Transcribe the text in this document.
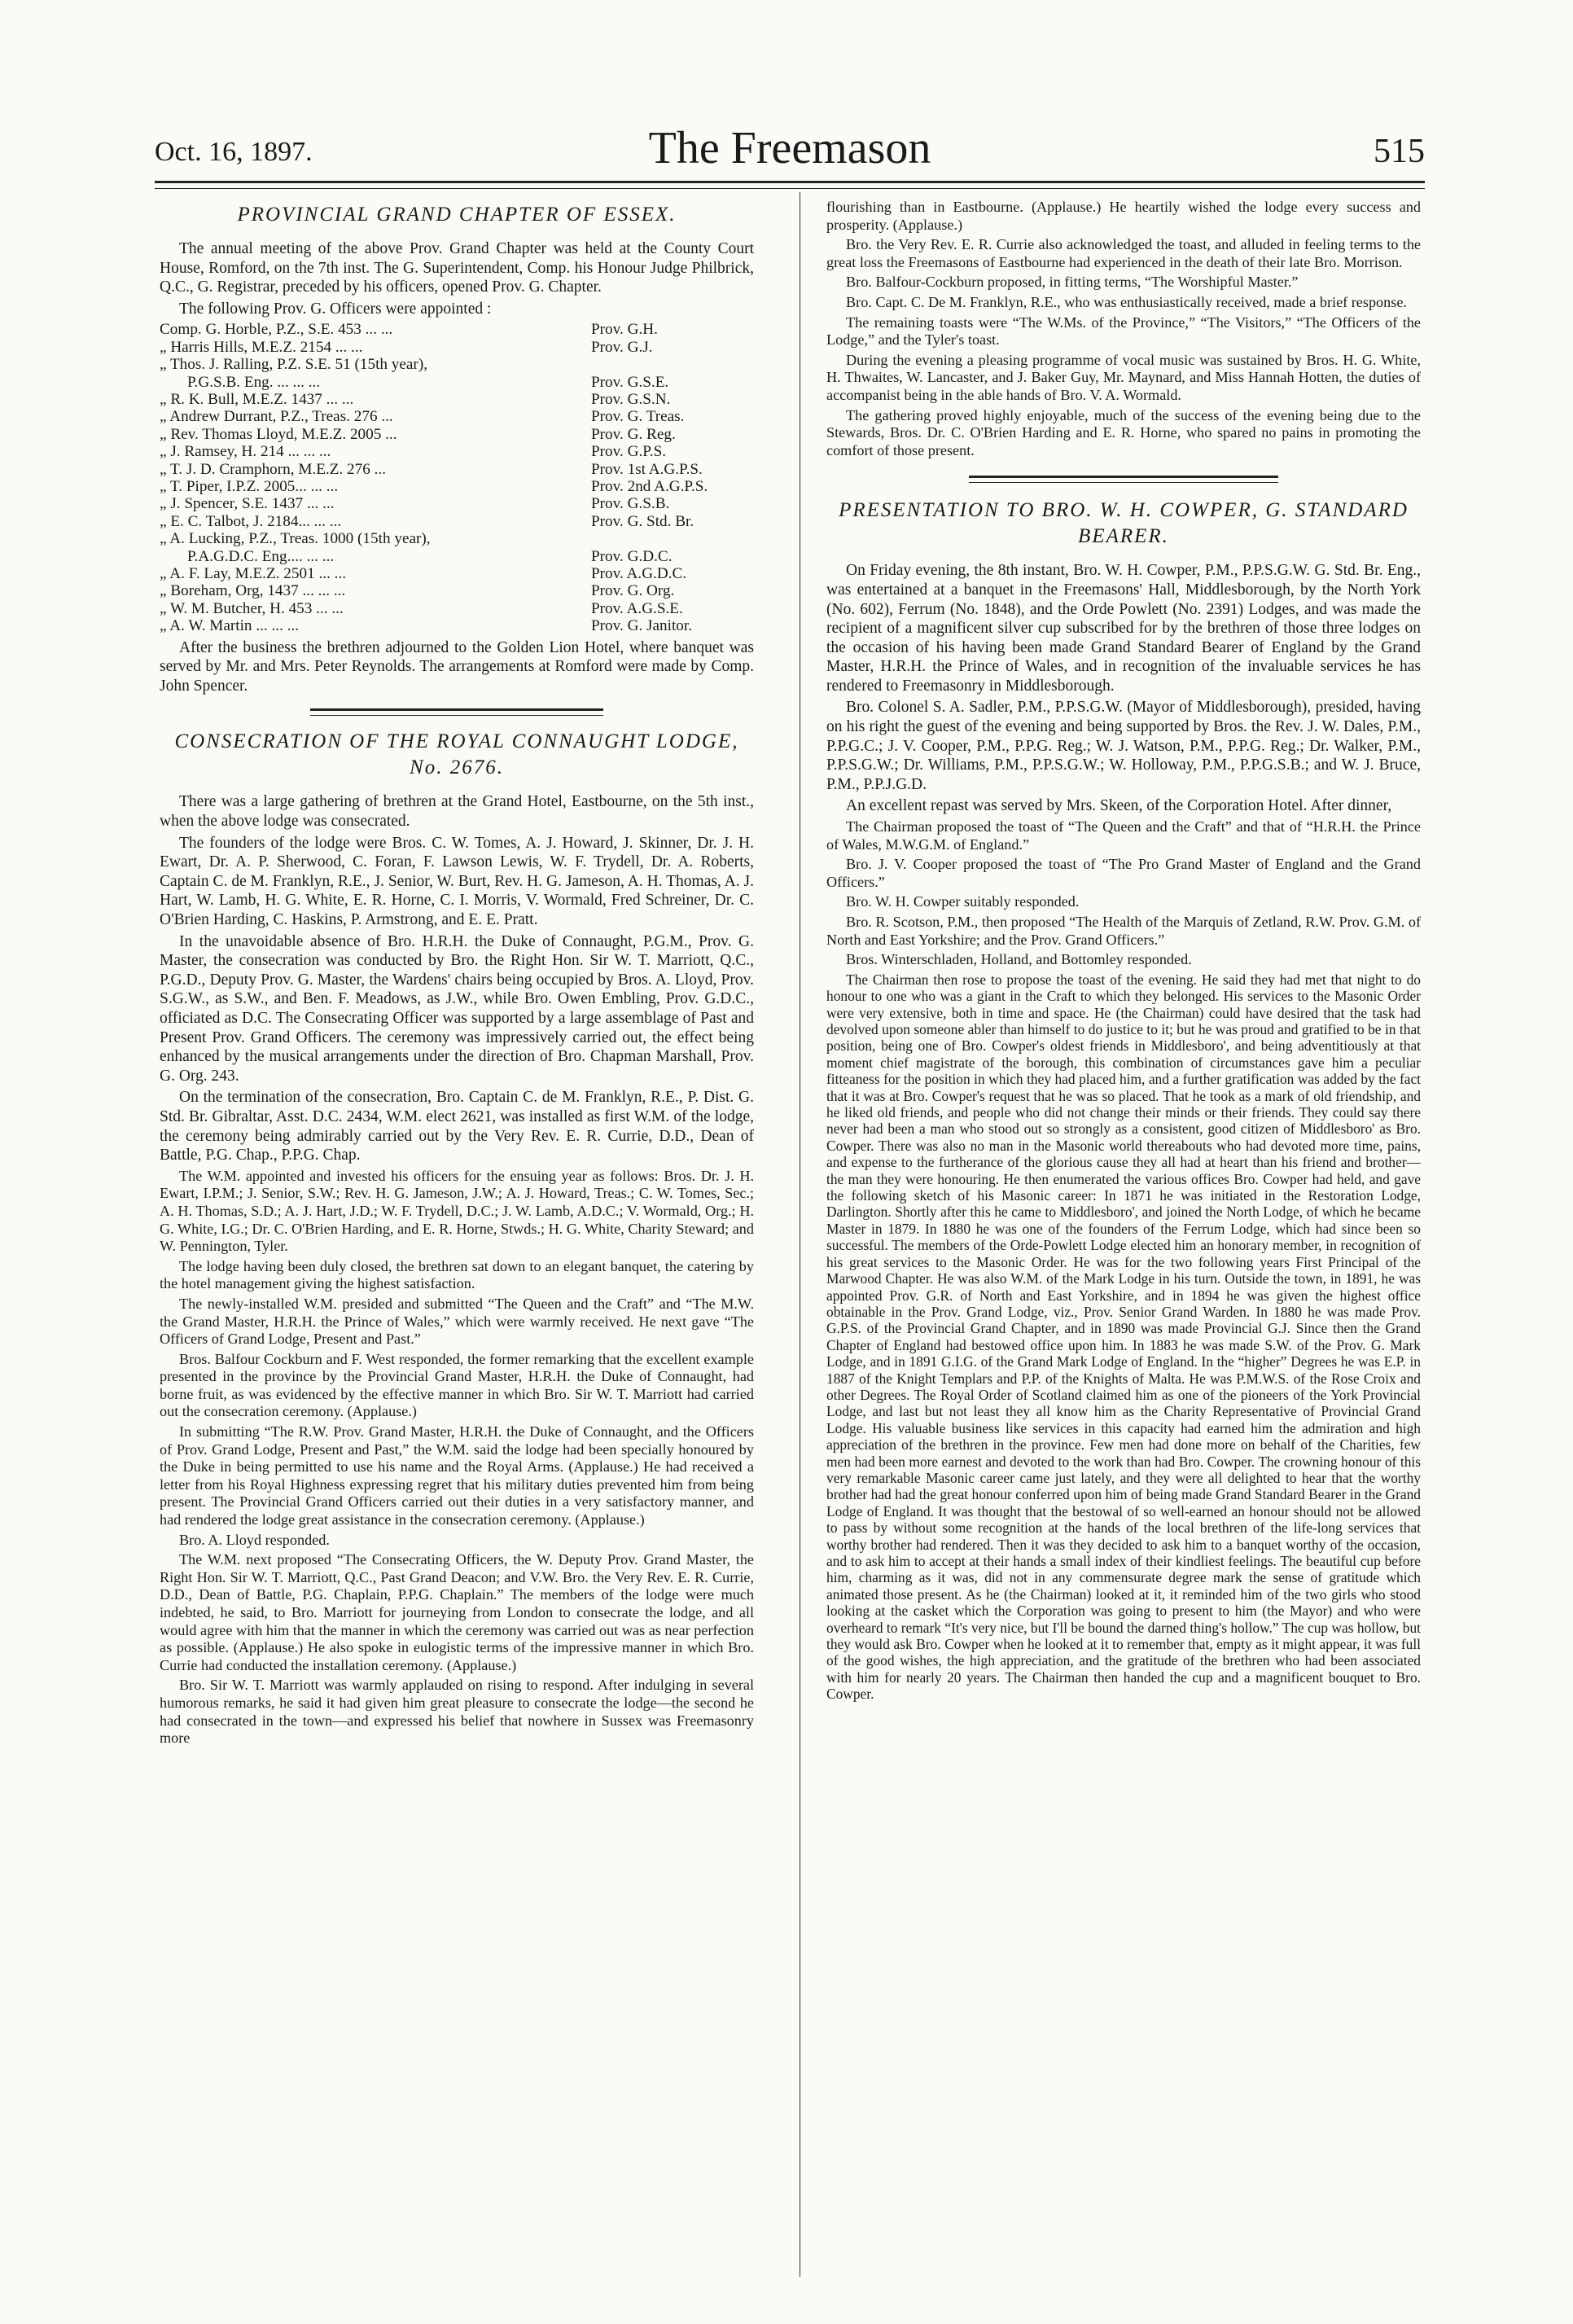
Oct. 16, 1897.	The Freemason	515
PROVINCIAL GRAND CHAPTER OF ESSEX.

The annual meeting of the above Prov. Grand Chapter was held at the County Court House, Romford, on the 7th inst. The G. Superintendent, Comp. his Honour Judge Philbrick, Q.C., G. Registrar, preceded by his officers, opened Prov. G. Chapter.

The following Prov. G. Officers were appointed :

Comp. G. Horble, P.Z., S.E. 453 ... ...	Prov. G.H.
„ Harris Hills, M.E.Z. 2154 ... ...	Prov. G.J.
„ Thos. J. Ralling, P.Z. S.E. 51 (15th year),
P.G.S.B. Eng. ... ... ...	Prov. G.S.E.
„ R. K. Bull, M.E.Z. 1437 ... ...	Prov. G.S.N.
„ Andrew Durrant, P.Z., Treas. 276 ...	Prov. G. Treas.
„ Rev. Thomas Lloyd, M.E.Z. 2005 ...	Prov. G. Reg.
„ J. Ramsey, H. 214 ... ... ...	Prov. G.P.S.
„ T. J. D. Cramphorn, M.E.Z. 276 ...	Prov. 1st A.G.P.S.
„ T. Piper, I.P.Z. 2005... ... ...	Prov. 2nd A.G.P.S.
„ J. Spencer, S.E. 1437 ... ...	Prov. G.S.B.
„ E. C. Talbot, J. 2184... ... ...	Prov. G. Std. Br.
„ A. Lucking, P.Z., Treas. 1000 (15th year),
P.A.G.D.C. Eng.... ... ...	Prov. G.D.C.
„ A. F. Lay, M.E.Z. 2501 ... ...	Prov. A.G.D.C.
„ Boreham, Org, 1437 ... ... ...	Prov. G. Org.
„ W. M. Butcher, H. 453 ... ...	Prov. A.G.S.E.
„ A. W. Martin ... ... ...	Prov. G. Janitor.

After the business the brethren adjourned to the Golden Lion Hotel, where banquet was served by Mr. and Mrs. Peter Reynolds. The arrangements at Romford were made by Comp. John Spencer.

CONSECRATION OF THE ROYAL CONNAUGHT LODGE, No. 2676.

There was a large gathering of brethren at the Grand Hotel, Eastbourne, on the 5th inst., when the above lodge was consecrated.

The founders of the lodge were Bros. C. W. Tomes, A. J. Howard, J. Skinner, Dr. J. H. Ewart, Dr. A. P. Sherwood, C. Foran, F. Lawson Lewis, W. F. Trydell, Dr. A. Roberts, Captain C. de M. Franklyn, R.E., J. Senior, W. Burt, Rev. H. G. Jameson, A. H. Thomas, A. J. Hart, W. Lamb, H. G. White, E. R. Horne, C. I. Morris, V. Wormald, Fred Schreiner, Dr. C. O'Brien Harding, C. Haskins, P. Armstrong, and E. E. Pratt.

In the unavoidable absence of Bro. H.R.H. the Duke of Connaught, P.G.M., Prov. G. Master, the consecration was conducted by Bro. the Right Hon. Sir W. T. Marriott, Q.C., P.G.D., Deputy Prov. G. Master, the Wardens' chairs being occupied by Bros. A. Lloyd, Prov. S.G.W., as S.W., and Ben. F. Meadows, as J.W., while Bro. Owen Embling, Prov. G.D.C., officiated as D.C. The Consecrating Officer was supported by a large assemblage of Past and Present Prov. Grand Officers. The ceremony was impressively carried out, the effect being enhanced by the musical arrangements under the direction of Bro. Chapman Marshall, Prov. G. Org. 243.

On the termination of the consecration, Bro. Captain C. de M. Franklyn, R.E., P. Dist. G. Std. Br. Gibraltar, Asst. D.C. 2434, W.M. elect 2621, was installed as first W.M. of the lodge, the ceremony being admirably carried out by the Very Rev. E. R. Currie, D.D., Dean of Battle, P.G. Chap., P.P.G. Chap.

The W.M. appointed and invested his officers for the ensuing year as follows: Bros. Dr. J. H. Ewart, I.P.M.; J. Senior, S.W.; Rev. H. G. Jameson, J.W.; A. J. Howard, Treas.; C. W. Tomes, Sec.; A. H. Thomas, S.D.; A. J. Hart, J.D.; W. F. Trydell, D.C.; J. W. Lamb, A.D.C.; V. Wormald, Org.; H. G. White, I.G.; Dr. C. O'Brien Harding, and E. R. Horne, Stwds.; H. G. White, Charity Steward; and W. Pennington, Tyler.

The lodge having been duly closed, the brethren sat down to an elegant banquet, the catering by the hotel management giving the highest satisfaction.

The newly-installed W.M. presided and submitted “The Queen and the Craft” and “The M.W. the Grand Master, H.R.H. the Prince of Wales,” which were warmly received. He next gave “The Officers of Grand Lodge, Present and Past.”

Bros. Balfour Cockburn and F. West responded, the former remarking that the excellent example presented in the province by the Provincial Grand Master, H.R.H. the Duke of Connaught, had borne fruit, as was evidenced by the effective manner in which Bro. Sir W. T. Marriott had carried out the consecration ceremony. (Applause.)

In submitting “The R.W. Prov. Grand Master, H.R.H. the Duke of Connaught, and the Officers of Prov. Grand Lodge, Present and Past,” the W.M. said the lodge had been specially honoured by the Duke in being permitted to use his name and the Royal Arms. (Applause.) He had received a letter from his Royal Highness expressing regret that his military duties prevented him from being present. The Provincial Grand Officers carried out their duties in a very satisfactory manner, and had rendered the lodge great assistance in the consecration ceremony. (Applause.)

Bro. A. Lloyd responded.

The W.M. next proposed “The Consecrating Officers, the W. Deputy Prov. Grand Master, the Right Hon. Sir W. T. Marriott, Q.C., Past Grand Deacon; and V.W. Bro. the Very Rev. E. R. Currie, D.D., Dean of Battle, P.G. Chaplain, P.P.G. Chaplain.” The members of the lodge were much indebted, he said, to Bro. Marriott for journeying from London to consecrate the lodge, and all would agree with him that the manner in which the ceremony was carried out was as near perfection as possible. (Applause.) He also spoke in eulogistic terms of the impressive manner in which Bro. Currie had conducted the installation ceremony. (Applause.)

Bro. Sir W. T. Marriott was warmly applauded on rising to respond. After indulging in several humorous remarks, he said it had given him great pleasure to consecrate the lodge—the second he had consecrated in the town—and expressed his belief that nowhere in Sussex was Freemasonry more

flourishing than in Eastbourne. (Applause.) He heartily wished the lodge every success and prosperity. (Applause.)

Bro. the Very Rev. E. R. Currie also acknowledged the toast, and alluded in feeling terms to the great loss the Freemasons of Eastbourne had experienced in the death of their late Bro. Morrison.

Bro. Balfour-Cockburn proposed, in fitting terms, “The Worshipful Master.”

Bro. Capt. C. De M. Franklyn, R.E., who was enthusiastically received, made a brief response.

The remaining toasts were “The W.Ms. of the Province,” “The Visitors,” “The Officers of the Lodge,” and the Tyler's toast.

During the evening a pleasing programme of vocal music was sustained by Bros. H. G. White, H. Thwaites, W. Lancaster, and J. Baker Guy, Mr. Maynard, and Miss Hannah Hotten, the duties of accompanist being in the able hands of Bro. V. A. Wormald.

The gathering proved highly enjoyable, much of the success of the evening being due to the Stewards, Bros. Dr. C. O'Brien Harding and E. R. Horne, who spared no pains in promoting the comfort of those present.

PRESENTATION TO BRO. W. H. COWPER, G. STANDARD BEARER.

On Friday evening, the 8th instant, Bro. W. H. Cowper, P.M., P.P.S.G.W. G. Std. Br. Eng., was entertained at a banquet in the Freemasons' Hall, Middlesborough, by the North York (No. 602), Ferrum (No. 1848), and the Orde Powlett (No. 2391) Lodges, and was made the recipient of a magnificent silver cup subscribed for by the brethren of those three lodges on the occasion of his having been made Grand Standard Bearer of England by the Grand Master, H.R.H. the Prince of Wales, and in recognition of the invaluable services he has rendered to Freemasonry in Middlesborough.

Bro. Colonel S. A. Sadler, P.M., P.P.S.G.W. (Mayor of Middlesborough), presided, having on his right the guest of the evening and being supported by Bros. the Rev. J. W. Dales, P.M., P.P.G.C.; J. V. Cooper, P.M., P.P.G. Reg.; W. J. Watson, P.M., P.P.G. Reg.; Dr. Walker, P.M., P.P.S.G.W.; Dr. Williams, P.M., P.P.S.G.W.; W. Holloway, P.M., P.P.G.S.B.; and W. J. Bruce, P.M., P.P.J.G.D.

An excellent repast was served by Mrs. Skeen, of the Corporation Hotel. After dinner,

The Chairman proposed the toast of “The Queen and the Craft” and that of “H.R.H. the Prince of Wales, M.W.G.M. of England.”

Bro. J. V. Cooper proposed the toast of “The Pro Grand Master of England and the Grand Officers.”

Bro. W. H. Cowper suitably responded.

Bro. R. Scotson, P.M., then proposed “The Health of the Marquis of Zetland, R.W. Prov. G.M. of North and East Yorkshire; and the Prov. Grand Officers.”

Bros. Winterschladen, Holland, and Bottomley responded.

The Chairman then rose to propose the toast of the evening. He said they had met that night to do honour to one who was a giant in the Craft to which they belonged. His services to the Masonic Order were very extensive, both in time and space. He (the Chairman) could have desired that the task had devolved upon someone abler than himself to do justice to it; but he was proud and gratified to be in that position, being one of Bro. Cowper's oldest friends in Middlesboro', and being adventitiously at that moment chief magistrate of the borough, this combination of circumstances gave him a peculiar fitteaness for the position in which they had placed him, and a further gratification was added by the fact that it was at Bro. Cowper's request that he was so placed. That he took as a mark of old friendship, and he liked old friends, and people who did not change their minds or their friends. They could say there never had been a man who stood out so strongly as a consistent, good citizen of Middlesboro' as Bro. Cowper. There was also no man in the Masonic world thereabouts who had devoted more time, pains, and expense to the furtherance of the glorious cause they all had at heart than his friend and brother—the man they were honouring. He then enumerated the various offices Bro. Cowper had held, and gave the following sketch of his Masonic career: In 1871 he was initiated in the Restoration Lodge, Darlington. Shortly after this he came to Middlesboro', and joined the North Lodge, of which he became Master in 1879. In 1880 he was one of the founders of the Ferrum Lodge, which had since been so successful. The members of the Orde-Powlett Lodge elected him an honorary member, in recognition of his great services to the Masonic Order. He was for the two following years First Principal of the Marwood Chapter. He was also W.M. of the Mark Lodge in his turn. Outside the town, in 1891, he was appointed Prov. G.R. of North and East Yorkshire, and in 1894 he was given the highest office obtainable in the Prov. Grand Lodge, viz., Prov. Senior Grand Warden. In 1880 he was made Prov. G.P.S. of the Provincial Grand Chapter, and in 1890 was made Provincial G.J. Since then the Grand Chapter of England had bestowed office upon him. In 1883 he was made S.W. of the Prov. G. Mark Lodge, and in 1891 G.I.G. of the Grand Mark Lodge of England. In the “higher” Degrees he was E.P. in 1887 of the Knight Templars and P.P. of the Knights of Malta. He was P.M.W.S. of the Rose Croix and other Degrees. The Royal Order of Scotland claimed him as one of the pioneers of the York Provincial Lodge, and last but not least they all know him as the Charity Representative of Provincial Grand Lodge. His valuable business like services in this capacity had earned him the admiration and high appreciation of the brethren in the province. Few men had done more on behalf of the Charities, few men had been more earnest and devoted to the work than had Bro. Cowper. The crowning honour of this very remarkable Masonic career came just lately, and they were all delighted to hear that the worthy brother had had the great honour conferred upon him of being made Grand Standard Bearer in the Grand Lodge of England. It was thought that the bestowal of so well-earned an honour should not be allowed to pass by without some recognition at the hands of the local brethren of the life-long services that worthy brother had rendered. Then it was they decided to ask him to a banquet worthy of the occasion, and to ask him to accept at their hands a small index of their kindliest feelings. The beautiful cup before him, charming as it was, did not in any commensurate degree mark the sense of gratitude which animated those present. As he (the Chairman) looked at it, it reminded him of the two girls who stood looking at the casket which the Corporation was going to present to him (the Mayor) and who were overheard to remark “It's very nice, but I'll be bound the darned thing's hollow.” The cup was hollow, but they would ask Bro. Cowper when he looked at it to remember that, empty as it might appear, it was full of the good wishes, the high appreciation, and the gratitude of the brethren who had been associated with him for nearly 20 years. The Chairman then handed the cup and a magnificent bouquet to Bro. Cowper.
